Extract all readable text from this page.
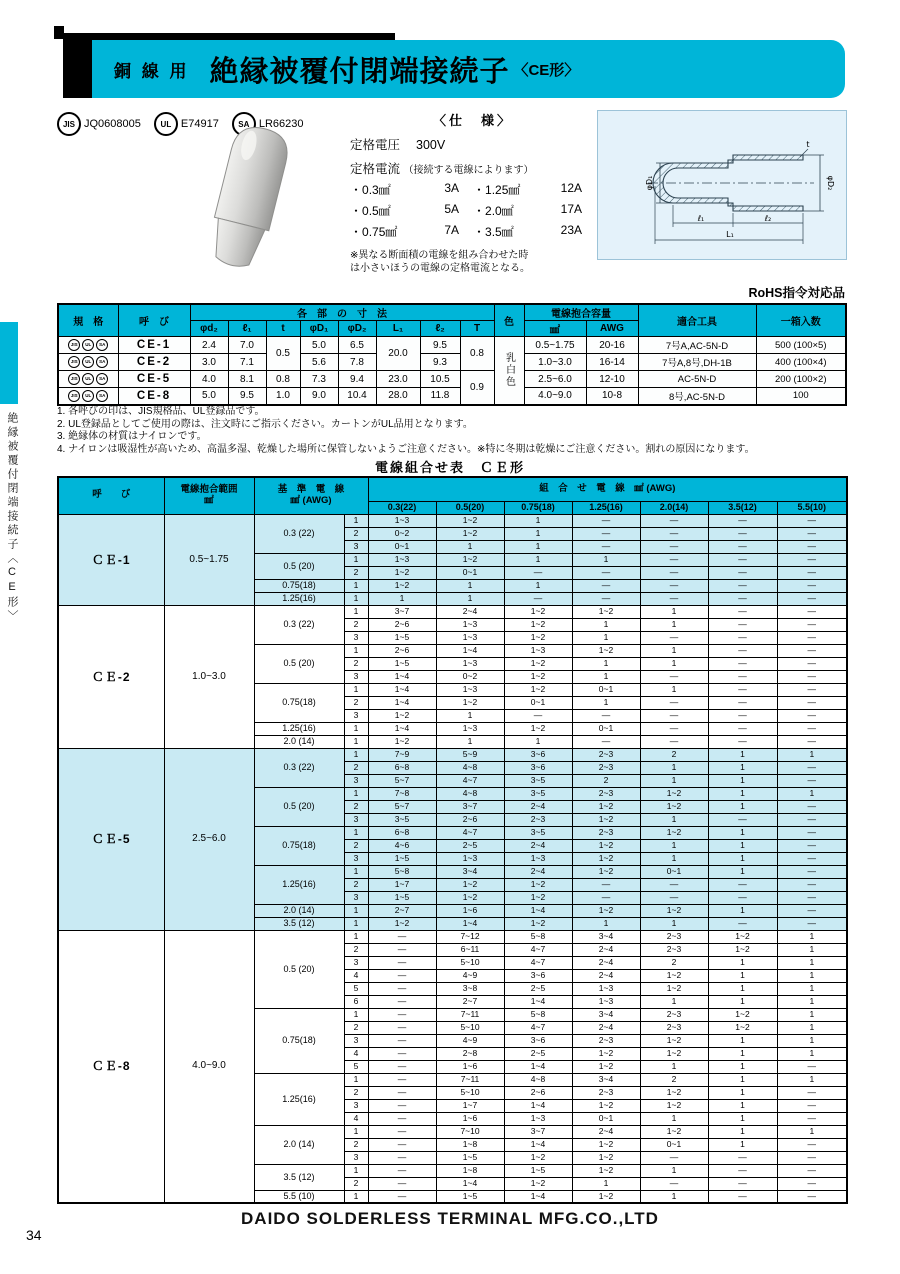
絶縁被覆付閉端接続子〈CE形〉
銅 線 用 絶縁被覆付閉端接続子 〈CE形〉
JIS JQ0608005	UL E74917	SA LR66230	〈仕　様〉
定格電圧　 300V
定格電流 （接続する電線によります）
・ 0.3㎟	3A ・ 1.25㎟	12A
・ 0.5㎟	5A ・ 2.0㎟	17A
・ 0.75㎟	7A ・ 3.5㎟	23A
※異なる断面積の電線を組み合わせた時
は小さいほうの電線の定格電流となる。
φD₂
φD₁
t
ℓ₁	ℓ₂
L₁
RoHS指令対応品
規　格	呼　び	各　部　の　寸　法								色	電線抱合容量		適合工具	一箱入数
		φd₂	ℓ₁	t	φD₁	φD₂	L₁	ℓ₂	T		㎟	AWG		
JIS UL SA	CE-1	2.4	7.0	0.5	5.0	6.5	20.0	9.5	0.8	乳白色	0.5~1.75	20-16	7号A,AC-5N-D	500 (100×5)
JIS UL SA	CE-2	3.0	7.1		5.6	7.8		9.3			1.0~3.0	16-14	7号A,8号,DH-1B	400 (100×4)
JIS UL SA	CE-5	4.0	8.1	0.8	7.3	9.4	23.0	10.5	0.9		2.5~6.0	12-10	AC-5N-D	200 (100×2)
JIS UL SA	CE-8	5.0	9.5	1.0	9.0	10.4	28.0	11.8			4.0~9.0	10-8	8号,AC-5N-D	100
1. 各呼びの印は、JIS規格品、UL登録品です。
2. UL登録品としてご使用の際は、注文時にご指示ください。カートンがUL品用となります。
3. 絶縁体の材質はナイロンです。
4. ナイロンは吸湿性が高いため、高温多湿、乾燥した場所に保管しないようご注意ください。※特に冬期は乾燥にご注意ください。割れの原因になります。
電線組合せ表　ＣＥ形
呼　　び	電線抱合範囲
㎟

基　準　電　線
㎟ (AWG)
	組　合　せ　電　線　㎟ (AWG)
				0.3(22)	0.5(20)	0.75(18)	1.25(16)	2.0(14)	3.5(12)	5.5(10)
ＣＥ-1	0.5~1.75	0.3 (22)	1	1~3	1~2	1	—	—	—	—
			2	0~2	1~2	1	—	—	—	—
			3	0~1	1	1	—	—	—	—
		0.5 (20)	1	1~3	1~2	1	1	—	—	—
			2	1~2	0~1	—	—	—	—	—
		0.75(18)	1	1~2	1	1	—	—	—	—
		1.25(16)	1	1	1	—	—	—	—	—
ＣＥ-2	1.0~3.0	0.3 (22)	1	3~7	2~4	1~2	1~2	1	—	—
			2	2~6	1~3	1~2	1	1	—	—
			3	1~5	1~3	1~2	1	—	—	—
		0.5 (20)	1	2~6	1~4	1~3	1~2	1	—	—
			2	1~5	1~3	1~2	1	1	—	—
			3	1~4	0~2	1~2	1	—	—	—
		0.75(18)	1	1~4	1~3	1~2	0~1	1	—	—
			2	1~4	1~2	0~1	1	—	—	—
			3	1~2	1	—	—	—	—	—
		1.25(16)	1	1~4	1~3	1~2	0~1	—	—	—
		2.0 (14)	1	1~2	1	1	—	—	—	—
ＣＥ-5	2.5~6.0	0.3 (22)	1	7~9	5~9	3~6	2~3	2	1	1
			2	6~8	4~8	3~6	2~3	1	1	—
			3	5~7	4~7	3~5	2	1	1	—
		0.5 (20)	1	7~8	4~8	3~5	2~3	1~2	1	1
			2	5~7	3~7	2~4	1~2	1~2	1	—
			3	3~5	2~6	2~3	1~2	1	—	—
		0.75(18)	1	6~8	4~7	3~5	2~3	1~2	1	—
			2	4~6	2~5	2~4	1~2	1	1	—
			3	1~5	1~3	1~3	1~2	1	1	—
		1.25(16)	1	5~8	3~4	2~4	1~2	0~1	1	—
			2	1~7	1~2	1~2	—	—	—	—
			3	1~5	1~2	1~2	—	—	—	—
		2.0 (14)	1	2~7	1~6	1~4	1~2	1~2	1	—
		3.5 (12)	1	1~2	1~4	1~2	1	1	—	—
ＣＥ-8	4.0~9.0	0.5 (20)	1	—	7~12	5~8	3~4	2~3	1~2	1
			2	—	6~11	4~7	2~4	2~3	1~2	1
			3	—	5~10	4~7	2~4	2	1	1
			4	—	4~9	3~6	2~4	1~2	1	1
			5	—	3~8	2~5	1~3	1~2	1	1
			6	—	2~7	1~4	1~3	1	1	1
		0.75(18)	1	—	7~11	5~8	3~4	2~3	1~2	1
			2	—	5~10	4~7	2~4	2~3	1~2	1
			3	—	4~9	3~6	2~3	1~2	1	1
			4	—	2~8	2~5	1~2	1~2	1	1
			5	—	1~6	1~4	1~2	1	1	—
		1.25(16)	1	—	7~11	4~8	3~4	2	1	1
			2	—	5~10	2~6	2~3	1~2	1	—
			3	—	1~7	1~4	1~2	1~2	1	—
			4	—	1~6	1~3	0~1	1	1	—
		2.0 (14)	1	—	7~10	3~7	2~4	1~2	1	1
			2	—	1~8	1~4	1~2	0~1	1	—
			3	—	1~5	1~2	1~2	—	—	—
		3.5 (12)	1	—	1~8	1~5	1~2	1	—	—
			2	—	1~4	1~2	1	—	—	—
		5.5 (10)	1	—	1~5	1~4	1~2	1	—	—
DAIDO SOLDERLESS TERMINAL MFG.CO.,LTD
34
